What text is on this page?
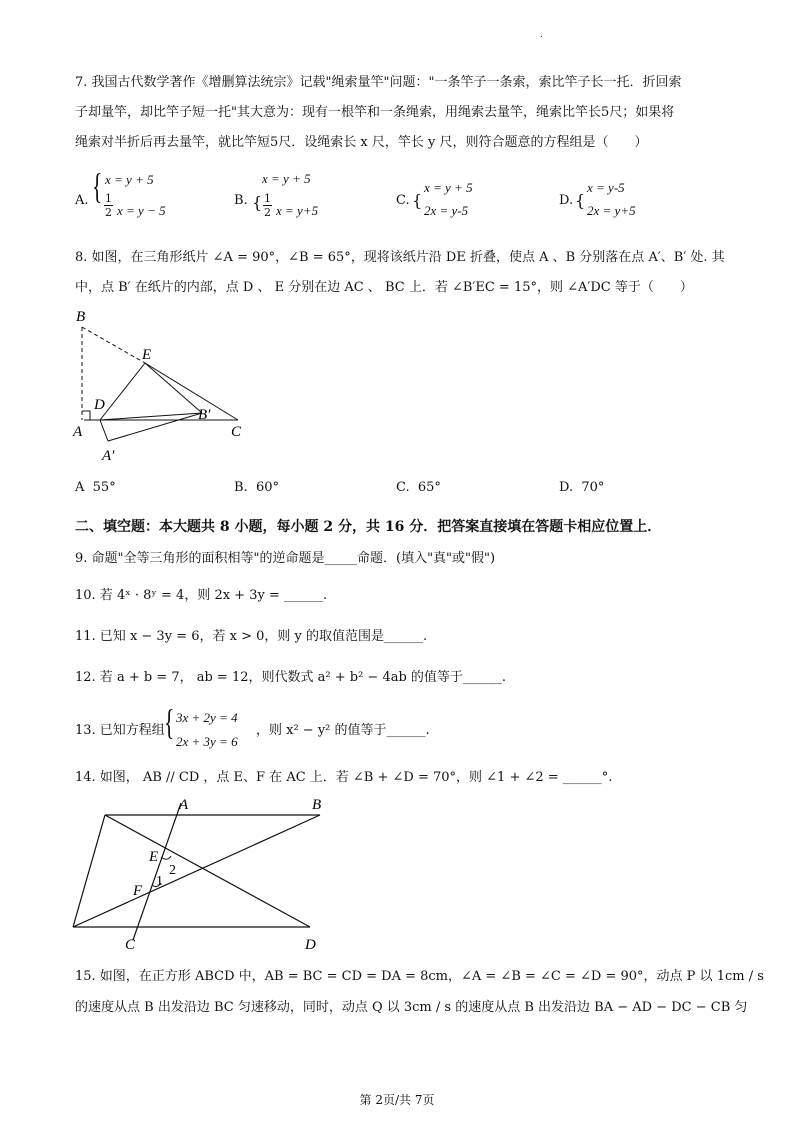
.
7. 我国古代数学著作《增删算法统宗》记载"绳索量竿"问题："一条竿子一条索，索比竿子长一托．折回索
子却量竿，却比竿子短一托"其大意为：现有一根竿和一条绳索，用绳索去量竿，绳索比竿长5尺；如果将
绳索对半折后再去量竿，就比竿短5尺．设绳索长 x 尺，竿长 y 尺，则符合题意的方程组是（　　）
A. { x = y + 5
1
2 x = y − 5
B.
x = y + 5
{ 1
2 x = y+5
C. {
x = y + 5
2x = y-5
D. {
x = y-5
2x = y+5
8. 如图，在三角形纸片 ∠A = 90°，∠B = 65°，现将该纸片沿 DE 折叠，使点 A 、B 分别落在点 A′、B′ 处. 其
中，点 B′ 在纸片的内部，点 D 、 E 分别在边 AC 、 BC 上．若 ∠B′EC = 15°，则 ∠A′DC 等于（　　）
B
E
D
B′
A	C
A′
A 55°	B. 60°	C. 65°	D. 70°
二、填空题：本大题共 8 小题，每小题 2 分，共 16 分．把答案直接填在答题卡相应位置上．
9. 命题"全等三角形的面积相等"的逆命题是_____命题．(填入"真"或"假")
10. 若 4ˣ · 8ʸ = 4，则 2x + 3y = ______.
11. 已知 x − 3y = 6，若 x > 0，则 y 的取值范围是______.
12. 若 a + b = 7， ab = 12，则代数式 a² + b² − 4ab 的值等于______.
13. 已知方程组 { 3x + 2y = 4
2x + 3y = 6
，则 x² − y² 的值等于______.
14. 如图， AB // CD ，点 E、F 在 AC 上．若 ∠B + ∠D = 70°，则 ∠1 + ∠2 = ______°.
A	B
E
2
1
F
C	D
15. 如图，在正方形 ABCD 中，AB = BC = CD = DA = 8cm，∠A = ∠B = ∠C = ∠D = 90°，动点 P 以 1cm / s
的速度从点 B 出发沿边 BC 匀速移动，同时，动点 Q 以 3cm / s 的速度从点 B 出发沿边 BA − AD − DC − CB 匀
第 2页/共 7页
